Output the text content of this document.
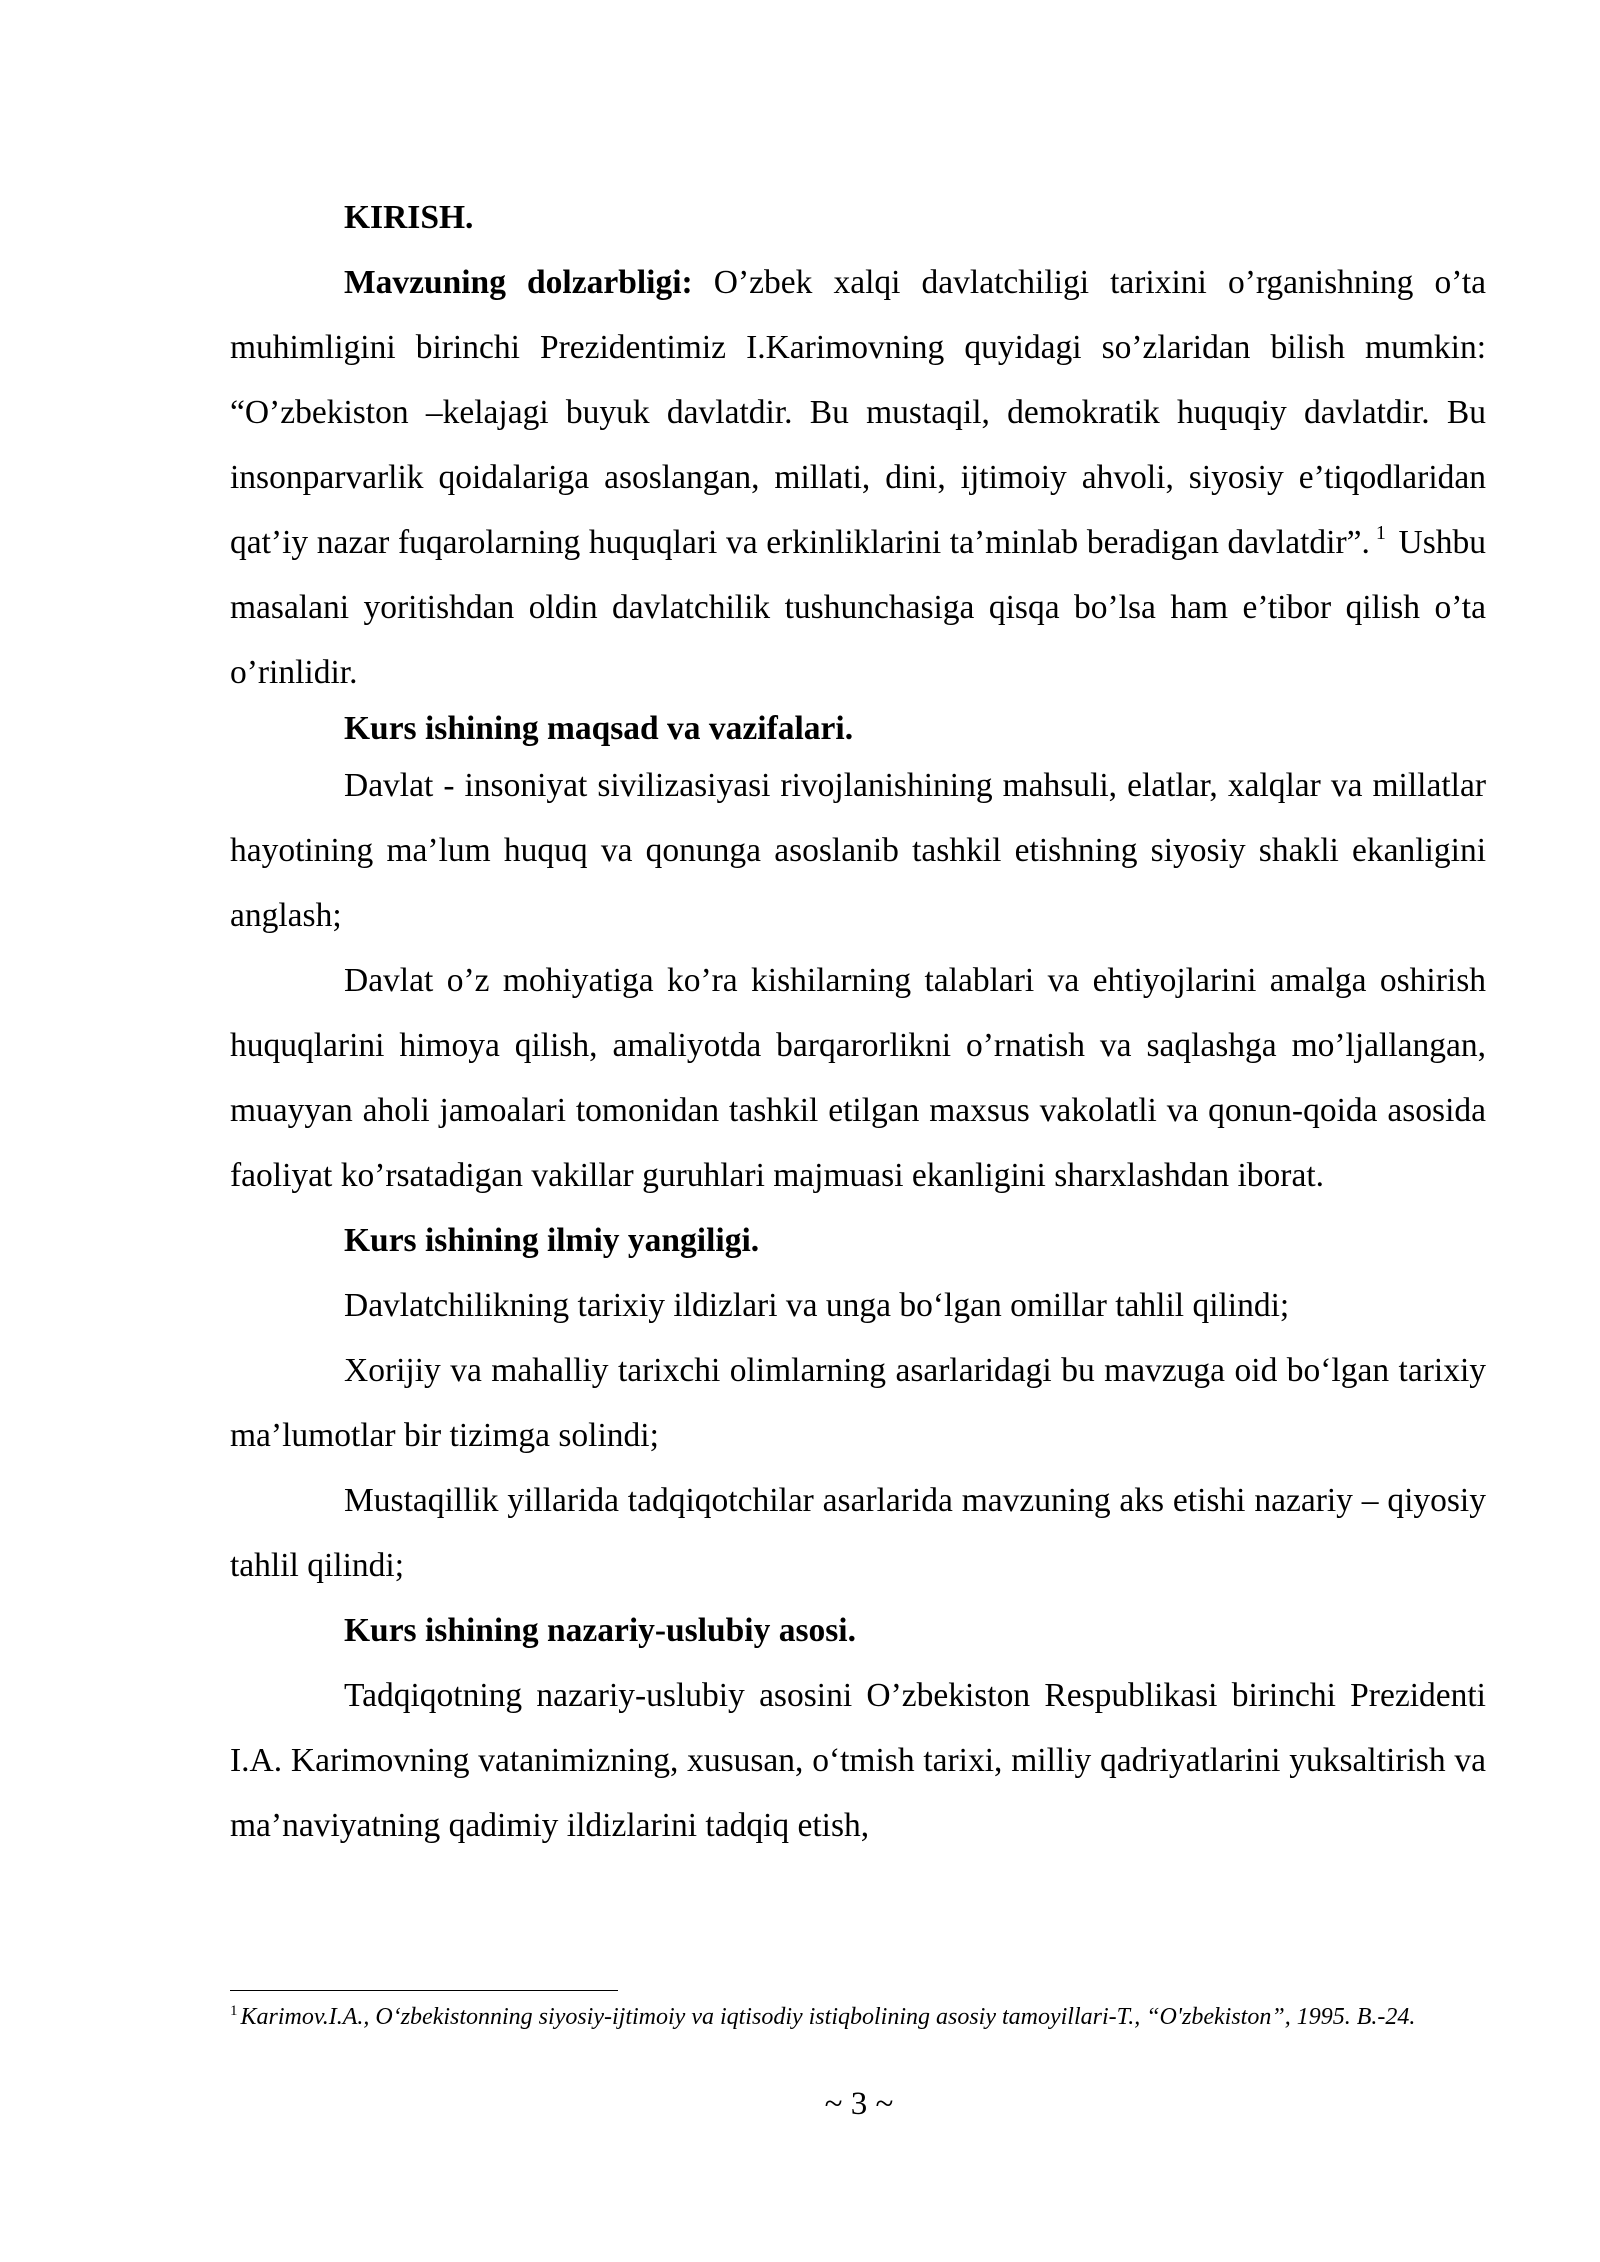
KIRISH.

Mavzuning dolzarbligi: O’zbek xalqi davlatchiligi tarixini o’rganishning o’ta muhimligini birinchi Prezidentimiz I.Karimovning quyidagi so’zlaridan bilish mumkin: “O’zbekiston –kelajagi buyuk davlatdir. Bu mustaqil, demokratik huquqiy davlatdir. Bu insonparvarlik qoidalariga asoslangan, millati, dini, ijtimoiy ahvoli, siyosiy e’tiqodlaridan qat’iy nazar fuqarolarning huquqlari va erkinliklarini ta’minlab beradigan davlatdir”. $^1$ Ushbu masalani yoritishdan oldin davlatchilik tushunchasiga qisqa bo’lsa ham e’tibor qilish o’ta o’rinlidir.

Kurs ishining maqsad va vazifalari.

Davlat - insoniyat sivilizasiyasi rivojlanishining mahsuli, elatlar, xalqlar va millatlar hayotining ma’lum huquq va qonunga asoslanib tashkil etishning siyosiy shakli ekanligini anglash;

Davlat o’z mohiyatiga ko’ra kishilarning talablari va ehtiyojlarini amalga oshirish huquqlarini himoya qilish, amaliyotda barqarorlikni o’rnatish va saqlashga mo’ljallangan, muayyan aholi jamoalari tomonidan tashkil etilgan maxsus vakolatli va qonun-qoida asosida faoliyat ko’rsatadigan vakillar guruhlari majmuasi ekanligini sharxlashdan iborat.

Kurs ishining ilmiy yangiligi.

Davlatchilikning tarixiy ildizlari va unga bo‘lgan omillar tahlil qilindi;

Xorijiy va mahalliy tarixchi olimlarning asarlaridagi bu mavzuga oid bo‘lgan tarixiy ma’lumotlar bir tizimga solindi;

Mustaqillik yillarida tadqiqotchilar asarlarida mavzuning aks etishi nazariy – qiyosiy tahlil qilindi;

Kurs ishining nazariy-uslubiy asosi.

Tadqiqotning nazariy-uslubiy asosini O’zbekiston Respublikasi birinchi Prezidenti I.A. Karimovning vatanimizning, xususan, o‘tmish tarixi, milliy qadriyatlarini yuksaltirish va ma’naviyatning qadimiy ildizlarini tadqiq etish,

$^1$ Karimov.I.A., O‘zbekistonning siyosiy-ijtimoiy va iqtisodiy istiqbolining asosiy tamoyillari-T., “O'zbekiston”, 1995. B.-24.
~ 3 ~
